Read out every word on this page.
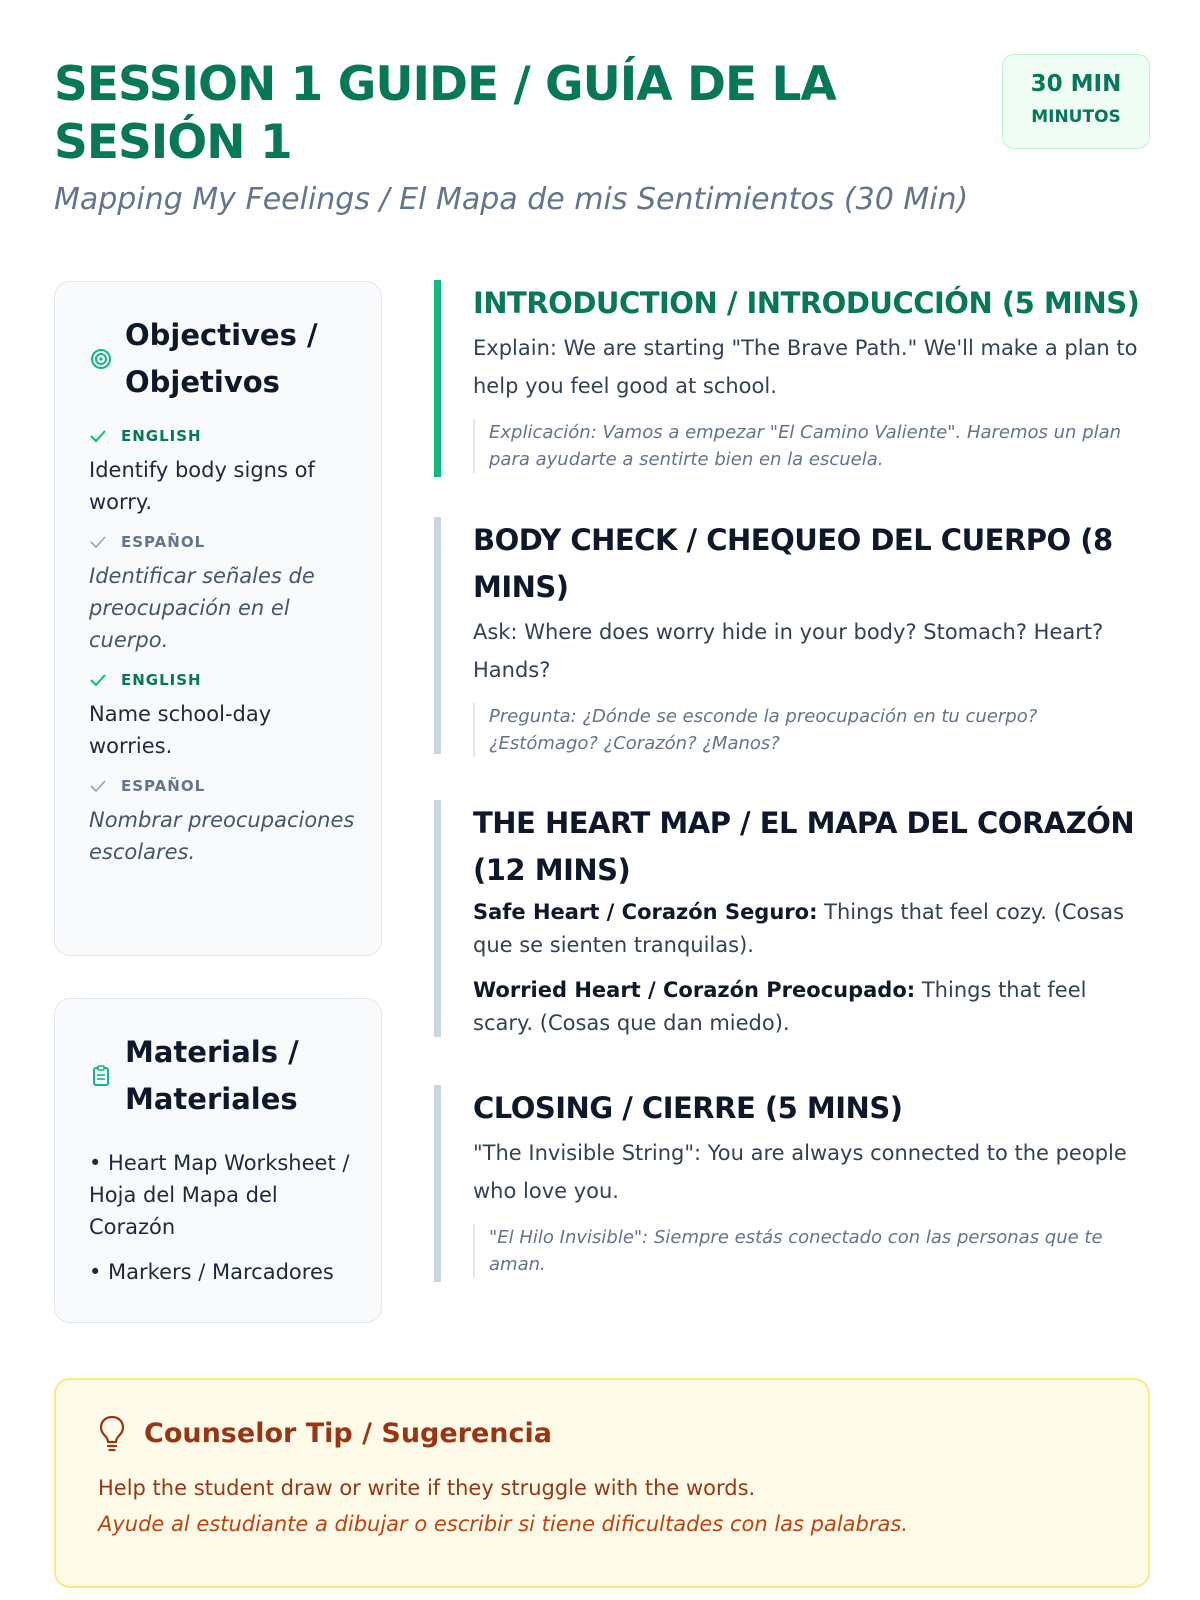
SESSION 1 GUIDE / GUÍA DE LA SESIÓN 1
Mapping My Feelings / El Mapa de mis Sentimientos (30 Min)
30 MIN
MINUTOS
Objectives / Objetivos
ENGLISH
Identify body signs of worry.
ESPAÑOL
Identificar señales de preocupación en el cuerpo.
ENGLISH
Name school-day worries.
ESPAÑOL
Nombrar preocupaciones escolares.
Materials / Materiales
• Heart Map Worksheet / Hoja del Mapa del Corazón
• Markers / Marcadores
INTRODUCTION / INTRODUCCIÓN (5 MINS)
Explain: We are starting "The Brave Path." We'll make a plan to help you feel good at school.
Explicación: Vamos a empezar "El Camino Valiente". Haremos un plan para ayudarte a sentirte bien en la escuela.
BODY CHECK / CHEQUEO DEL CUERPO (8 MINS)
Ask: Where does worry hide in your body? Stomach? Heart? Hands?
Pregunta: ¿Dónde se esconde la preocupación en tu cuerpo? ¿Estómago? ¿Corazón? ¿Manos?
THE HEART MAP / EL MAPA DEL CORAZÓN (12 MINS)
Safe Heart / Corazón Seguro: Things that feel cozy. (Cosas que se sienten tranquilas).
Worried Heart / Corazón Preocupado: Things that feel scary. (Cosas que dan miedo).
CLOSING / CIERRE (5 MINS)
"The Invisible String": You are always connected to the people who love you.
"El Hilo Invisible": Siempre estás conectado con las personas que te aman.
Counselor Tip / Sugerencia
Help the student draw or write if they struggle with the words.
Ayude al estudiante a dibujar o escribir si tiene dificultades con las palabras.
